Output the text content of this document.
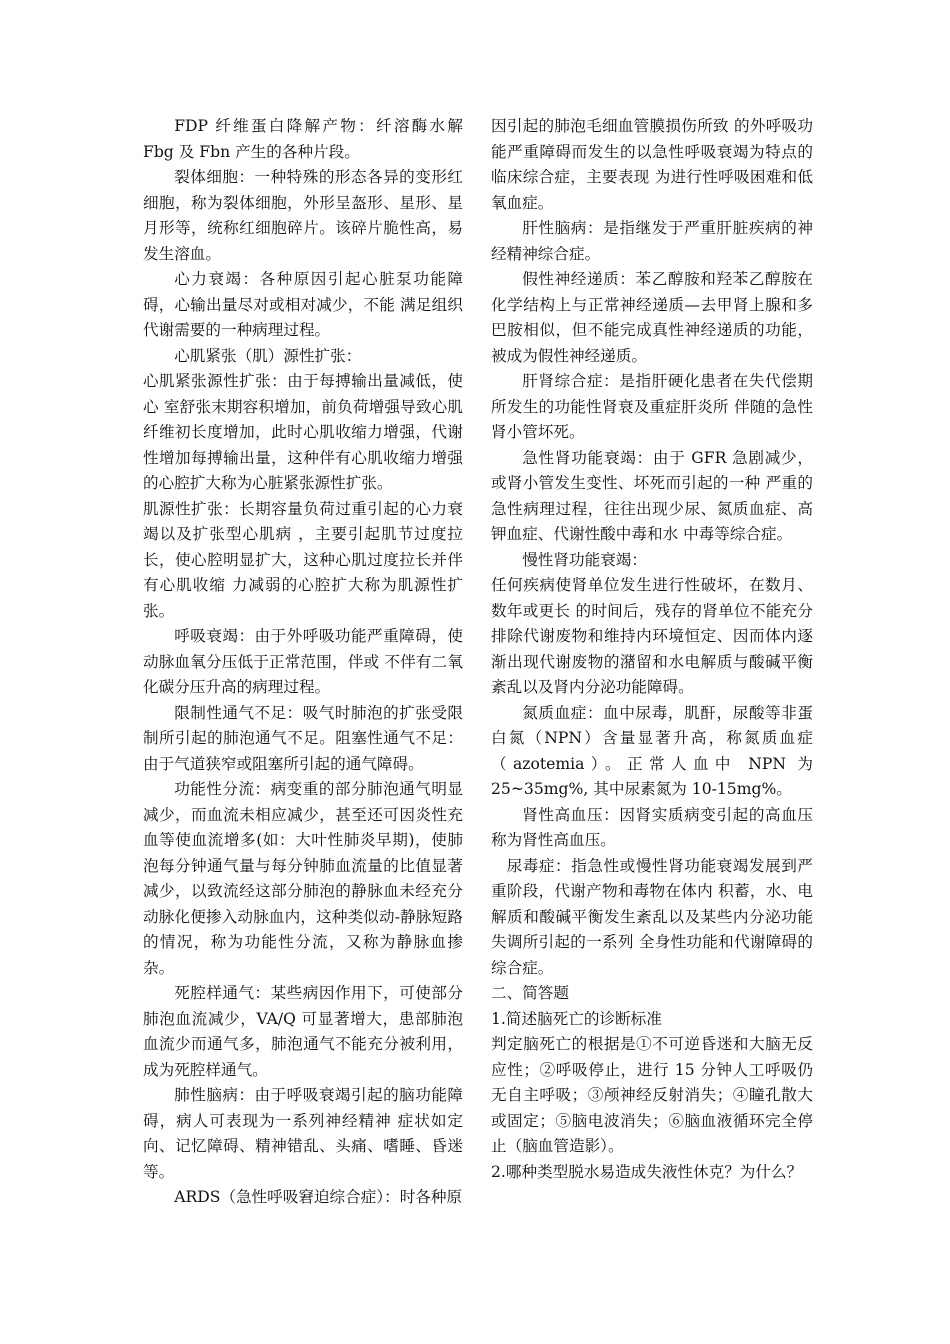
FDP 纤维蛋白降解产物：纤溶酶水解 Fbg 及 Fbn 产生的各种片段。

裂体细胞：一种特殊的形态各异的变形红细胞，称为裂体细胞，外形呈盔形、星形、星月形等，统称红细胞碎片。该碎片脆性高，易发生溶血。

心力衰竭：各种原因引起心脏泵功能障碍，心输出量尽对或相对减少，不能 满足组织代谢需要的一种病理过程。

心肌紧张（肌）源性扩张：

心肌紧张源性扩张：由于每搏输出量减低，使心 室舒张末期容积增加，前负荷增强导致心肌纤维初长度增加，此时心肌收缩力增强，代谢性增加每搏输出量，这种伴有心肌收缩力增强的心腔扩大称为心脏紧张源性扩张。

肌源性扩张：长期容量负荷过重引起的心力衰竭以及扩张型心肌病 ，主要引起肌节过度拉长，使心腔明显扩大，这种心肌过度拉长并伴有心肌收缩 力减弱的心腔扩大称为肌源性扩张。

呼吸衰竭：由于外呼吸功能严重障碍，使动脉血氧分压低于正常范围，伴或 不伴有二氧化碳分压升高的病理过程。

限制性通气不足：吸气时肺泡的扩张受限制所引起的肺泡通气不足。阻塞性通气不足：由于气道狭窄或阻塞所引起的通气障碍。

功能性分流：病变重的部分肺泡通气明显减少，而血流未相应减少，甚至还可因炎性充血等使血流增多(如：大叶性肺炎早期)，使肺泡每分钟通气量与每分钟肺血流量的比值显著减少，以致流经这部分肺泡的静脉血未经充分动脉化便掺入动脉血内，这种类似动-静脉短路的情况，称为功能性分流，又称为静脉血掺杂。

死腔样通气：某些病因作用下，可使部分肺泡血流减少，VA/Q 可显著增大，患部肺泡血流少而通气多，肺泡通气不能充分被利用，成为死腔样通气。

肺性脑病：由于呼吸衰竭引起的脑功能障碍，病人可表现为一系列神经精神 症状如定向、记忆障碍、精神错乱、头痛、嗜睡、昏迷等。

ARDS（急性呼吸窘迫综合症）：时各种原

因引起的肺泡毛细血管膜损伤所致 的外呼吸功能严重障碍而发生的以急性呼吸衰竭为特点的临床综合症，主要表现 为进行性呼吸困难和低氧血症。

肝性脑病：是指继发于严重肝脏疾病的神经精神综合症。

假性神经递质：苯乙醇胺和羟苯乙醇胺在化学结构上与正常神经递质—去甲肾上腺和多巴胺相似，但不能完成真性神经递质的功能，被成为假性神经递质。

肝肾综合症：是指肝硬化患者在失代偿期所发生的功能性肾衰及重症肝炎所 伴随的急性肾小管坏死。

急性肾功能衰竭：由于 GFR 急剧减少，或肾小管发生变性、坏死而引起的一种 严重的急性病理过程，往往出现少尿、氮质血症、高钾血症、代谢性酸中毒和水 中毒等综合症。

慢性肾功能衰竭：

任何疾病使肾单位发生进行性破坏，在数月、数年或更长 的时间后，残存的肾单位不能充分排除代谢废物和维持内环境恒定、因而体内逐 渐出现代谢废物的潴留和水电解质与酸碱平衡紊乱以及肾内分泌功能障碍。

氮质血症：血中尿毒，肌酐，尿酸等非蛋白氮（NPN）含量显著升高，称氮质血症（azotemia）。正常人血中 NPN 为 25~35mg%, 其中尿素氮为 10-15mg%。

肾性高血压：因肾实质病变引起的高血压称为肾性高血压。

尿毒症：指急性或慢性肾功能衰竭发展到严重阶段，代谢产物和毒物在体内 积蓄，水、电解质和酸碱平衡发生紊乱以及某些内分泌功能失调所引起的一系列 全身性功能和代谢障碍的综合症。

二、简答题

1.简述脑死亡的诊断标准

判定脑死亡的根据是①不可逆昏迷和大脑无反应性；②呼吸停止，进行 15 分钟人工呼吸仍无自主呼吸；③颅神经反射消失；④瞳孔散大或固定；⑤脑电波消失；⑥脑血液循环完全停止（脑血管造影）。

2.哪种类型脱水易造成失液性休克？为什么？
